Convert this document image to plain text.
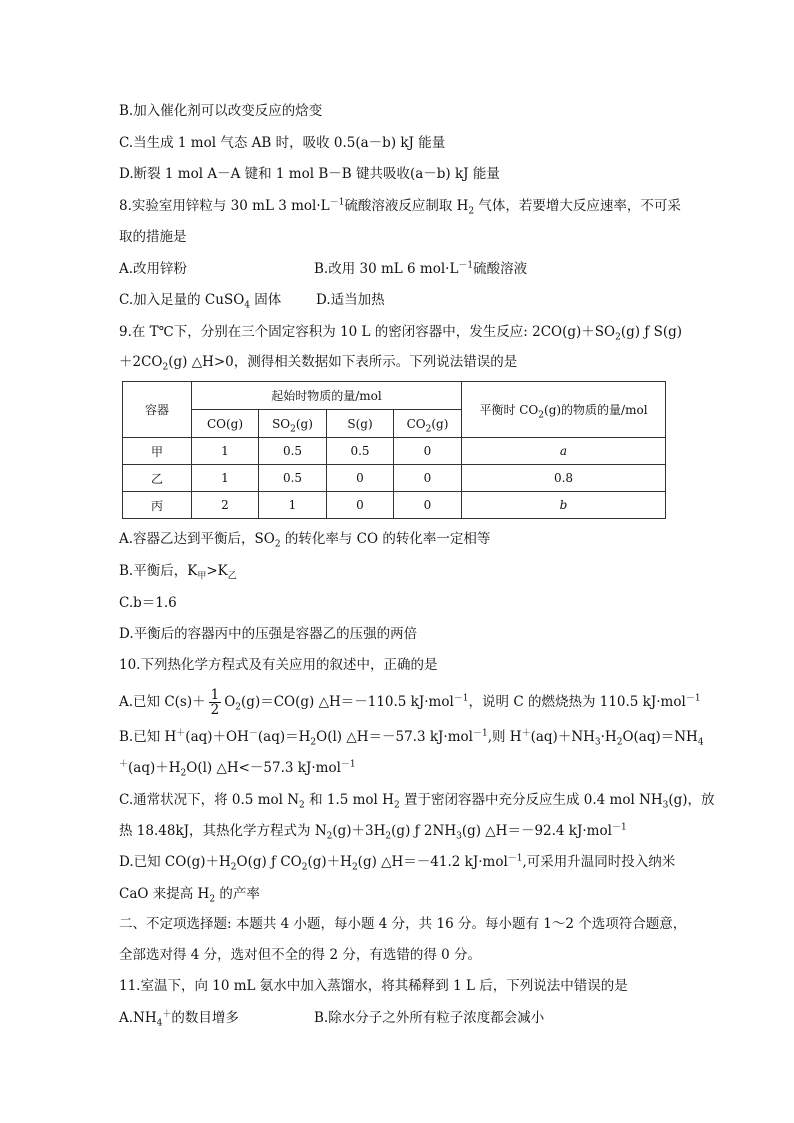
B.加入催化剂可以改变反应的焓变
C.当生成 1 mol 气态 AB 时，吸收 0.5(a－b) kJ 能量
D.断裂 1 mol A－A 键和 1 mol B－B 键共吸收(a－b) kJ 能量
8.实验室用锌粒与 30 mL 3 $mol\cdot L^{-1}$硫酸溶液反应制取 $H_2$ 气体，若要增大反应速率，不可采
取的措施是
A.改用锌粉	B.改用 30 mL 6 $mol\cdot L^{-1}$硫酸溶液
C.加入足量的 CuSO$_4$ 固体	D.适当加热
9.在 T℃下，分别在三个固定容积为 10 L 的密闭容器中，发生反应: $2CO(g)+SO_2(g)$ ƒ S(g)
$+2CO_2(g)$ △H>0，测得相关数据如下表所示。下列说法错误的是
容器	起始时物质的量/mol				平衡时 $CO_2(g)$的物质的量/mol
	CO(g)	$SO_2(g)$	S(g)	$CO_2(g)$	
甲	1	0.5	0.5	0	a
乙	1	0.5	0	0	0.8
丙	2	1	0	0	b
A.容器乙达到平衡后，$SO_2$ 的转化率与 CO 的转化率一定相等
B.平衡后，$K_甲>K_乙$
C.b＝1.6
D.平衡后的容器丙中的压强是容器乙的压强的两倍
10.下列热化学方程式及有关应用的叙述中，正确的是
A.已知 $C(s)+ \frac{1}{2} O_2(g)=CO(g)$ △H＝－110.5 kJ·mol$^{-1}$，说明 C 的燃烧热为 110.5 kJ·mol$^{-1}$
B.已知 $H^+(aq)+OH^-(aq)=H_2O(l)$ △H＝－57.3 kJ·mol$^{-1}$,则 $H^+(aq)+NH_3\cdot H_2O(aq)=NH_4$
$^+(aq)+H_2O(l)$ △H<－57.3 kJ·mol$^{-1}$
C.通常状况下，将 0.5 mol $N_2$ 和 1.5 mol $H_2$ 置于密闭容器中充分反应生成 0.4 mol $NH_3(g)$，放
热 18.48kJ，其热化学方程式为 $N_2(g)+3H_2(g)$ ƒ $2NH_3(g)$ △H＝－92.4 kJ·mol$^{-1}$
D.已知 $CO(g)+H_2O(g)$ ƒ $CO_2(g)+H_2(g)$ △H＝－41.2 kJ·mol$^{-1}$,可采用升温同时投入纳米
CaO 来提高 $H_2$ 的产率
二、不定项选择题: 本题共 4 小题，每小题 4 分，共 16 分。每小题有 1～2 个选项符合题意，
全部选对得 4 分，选对但不全的得 2 分，有选错的得 0 分。
11.室温下，向 10 mL 氨水中加入蒸馏水，将其稀释到 1 L 后，下列说法中错误的是
$A.NH_4^+$的数目增多	B.除水分子之外所有粒子浓度都会减小
